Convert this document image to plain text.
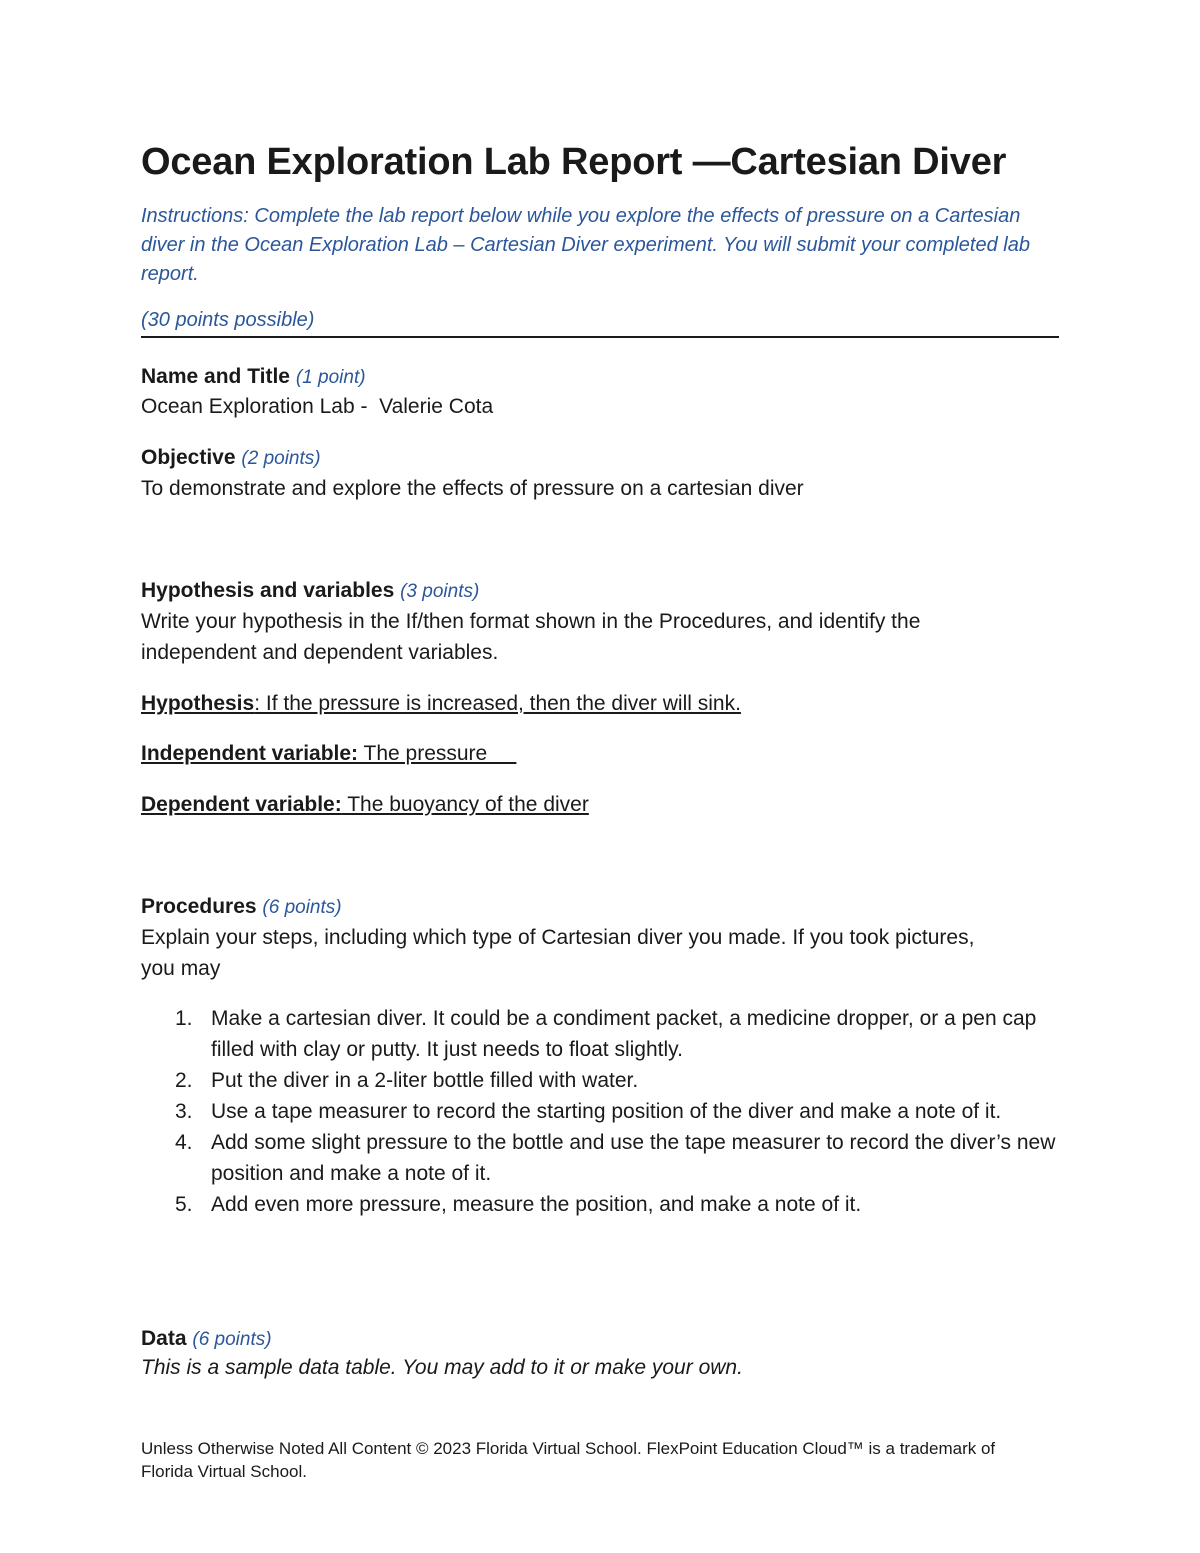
Ocean Exploration Lab Report —Cartesian Diver
Instructions: Complete the lab report below while you explore the effects of pressure on a Cartesian diver in the Ocean Exploration Lab – Cartesian Diver experiment. You will submit your completed lab report.
(30 points possible)
Name and Title (1 point)
Ocean Exploration Lab -  Valerie Cota
Objective (2 points)
To demonstrate and explore the effects of pressure on a cartesian diver
Hypothesis and variables (3 points)
Write your hypothesis in the If/then format shown in the Procedures, and identify the independent and dependent variables.
Hypothesis: If the pressure is increased, then the diver will sink.
Independent variable: The pressure
Dependent variable: The buoyancy of the diver
Procedures (6 points)
Explain your steps, including which type of Cartesian diver you made. If you took pictures, you may
1. Make a cartesian diver. It could be a condiment packet, a medicine dropper, or a pen cap filled with clay or putty. It just needs to float slightly.
2. Put the diver in a 2-liter bottle filled with water.
3. Use a tape measurer to record the starting position of the diver and make a note of it.
4. Add some slight pressure to the bottle and use the tape measurer to record the diver’s new position and make a note of it.
5. Add even more pressure, measure the position, and make a note of it.
Data (6 points)
This is a sample data table. You may add to it or make your own.
Unless Otherwise Noted All Content © 2023 Florida Virtual School. FlexPoint Education Cloud™ is a trademark of Florida Virtual School.
